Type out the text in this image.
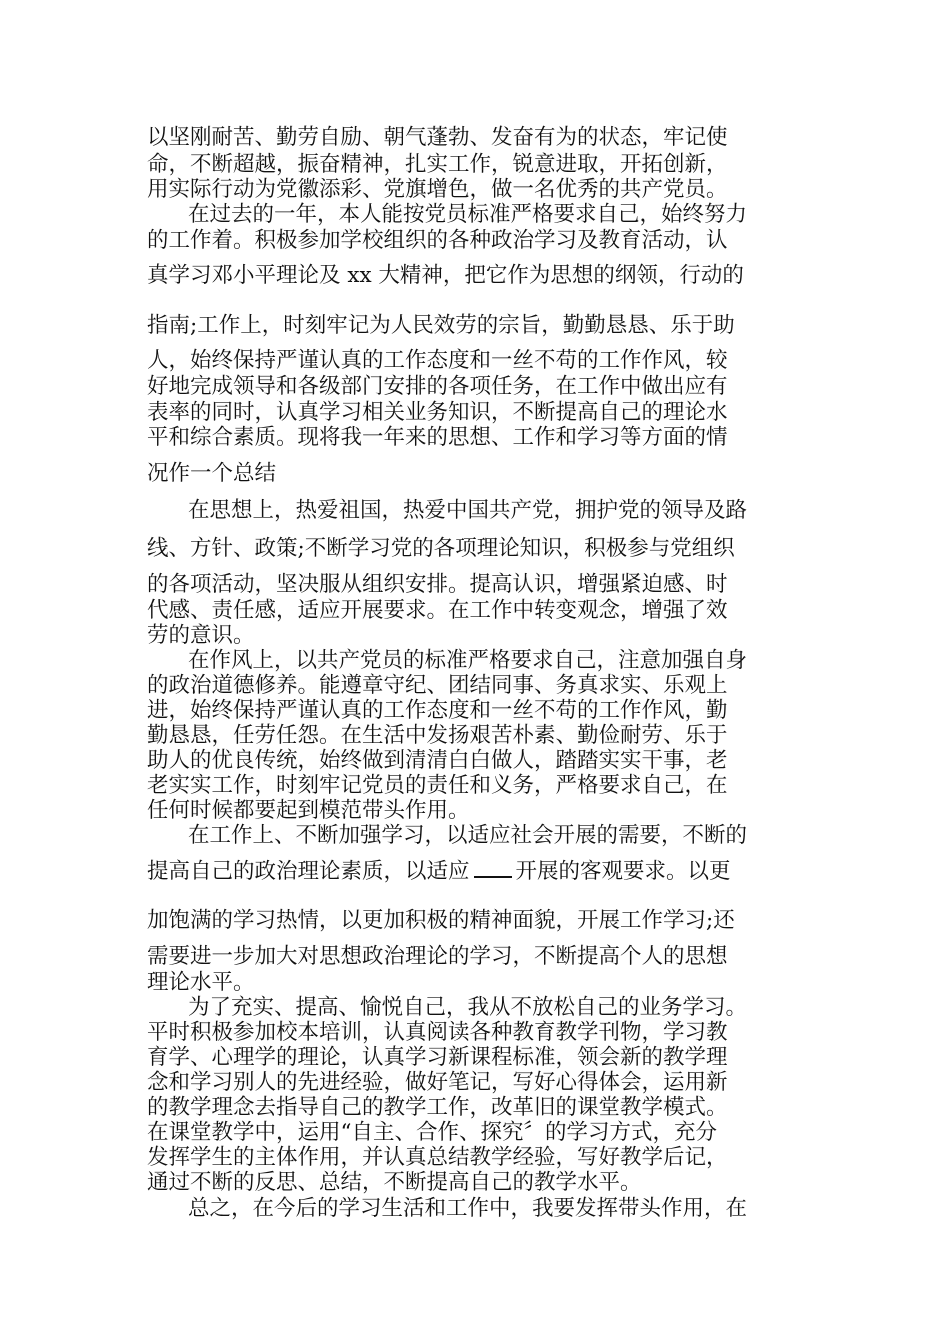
以坚刚耐苦、勤劳自励、朝气蓬勃、发奋有为的状态，牢记使
命，不断超越，振奋精神，扎实工作，锐意进取，开拓创新，
用实际行动为党徽添彩、党旗增色，做一名优秀的共产党员。
在过去的一年，本人能按党员标准严格要求自己，始终努力
的工作着。积极参加学校组织的各种政治学习及教育活动，认
真学习邓小平理论及 xx 大精神，把它作为思想的纲领，行动的
指南;工作上，时刻牢记为人民效劳的宗旨，勤勤恳恳、乐于助
人，始终保持严谨认真的工作态度和一丝不苟的工作作风，较
好地完成领导和各级部门安排的各项任务，在工作中做出应有
表率的同时，认真学习相关业务知识，不断提高自己的理论水
平和综合素质。现将我一年来的思想、工作和学习等方面的情
况作一个总结
在思想上，热爱祖国，热爱中国共产党，拥护党的领导及路
线、方针、政策;不断学习党的各项理论知识，积极参与党组织
的各项活动，坚决服从组织安排。提高认识，增强紧迫感、时
代感、责任感，适应开展要求。在工作中转变观念，增强了效
劳的意识。
在作风上，以共产党员的标准严格要求自己，注意加强自身
的政治道德修养。能遵章守纪、团结同事、务真求实、乐观上
进，始终保持严谨认真的工作态度和一丝不苟的工作作风，勤
勤恳恳，任劳任怨。在生活中发扬艰苦朴素、勤俭耐劳、乐于
助人的优良传统，始终做到清清白白做人，踏踏实实干事，老
老实实工作，时刻牢记党员的责任和义务，严格要求自己，在
任何时候都要起到模范带头作用。
在工作上、不断加强学习，以适应社会开展的需要，不断的
提高自己的政治理论素质，以适应 开展的客观要求。以更
加饱满的学习热情，以更加积极的精神面貌，开展工作学习;还
需要进一步加大对思想政治理论的学习，不断提高个人的思想
理论水平。
为了充实、提高、愉悦自己，我从不放松自己的业务学习。
平时积极参加校本培训，认真阅读各种教育教学刊物，学习教
育学、心理学的理论，认真学习新课程标准，领会新的教学理
念和学习别人的先进经验，做好笔记，写好心得体会，运用新
的教学理念去指导自己的教学工作，改革旧的课堂教学模式。
在课堂教学中，运用“自主、合作、探究〞的学习方式，充分
发挥学生的主体作用，并认真总结教学经验，写好教学后记，
通过不断的反思、总结，不断提高自己的教学水平。
总之，在今后的学习生活和工作中，我要发挥带头作用，在
